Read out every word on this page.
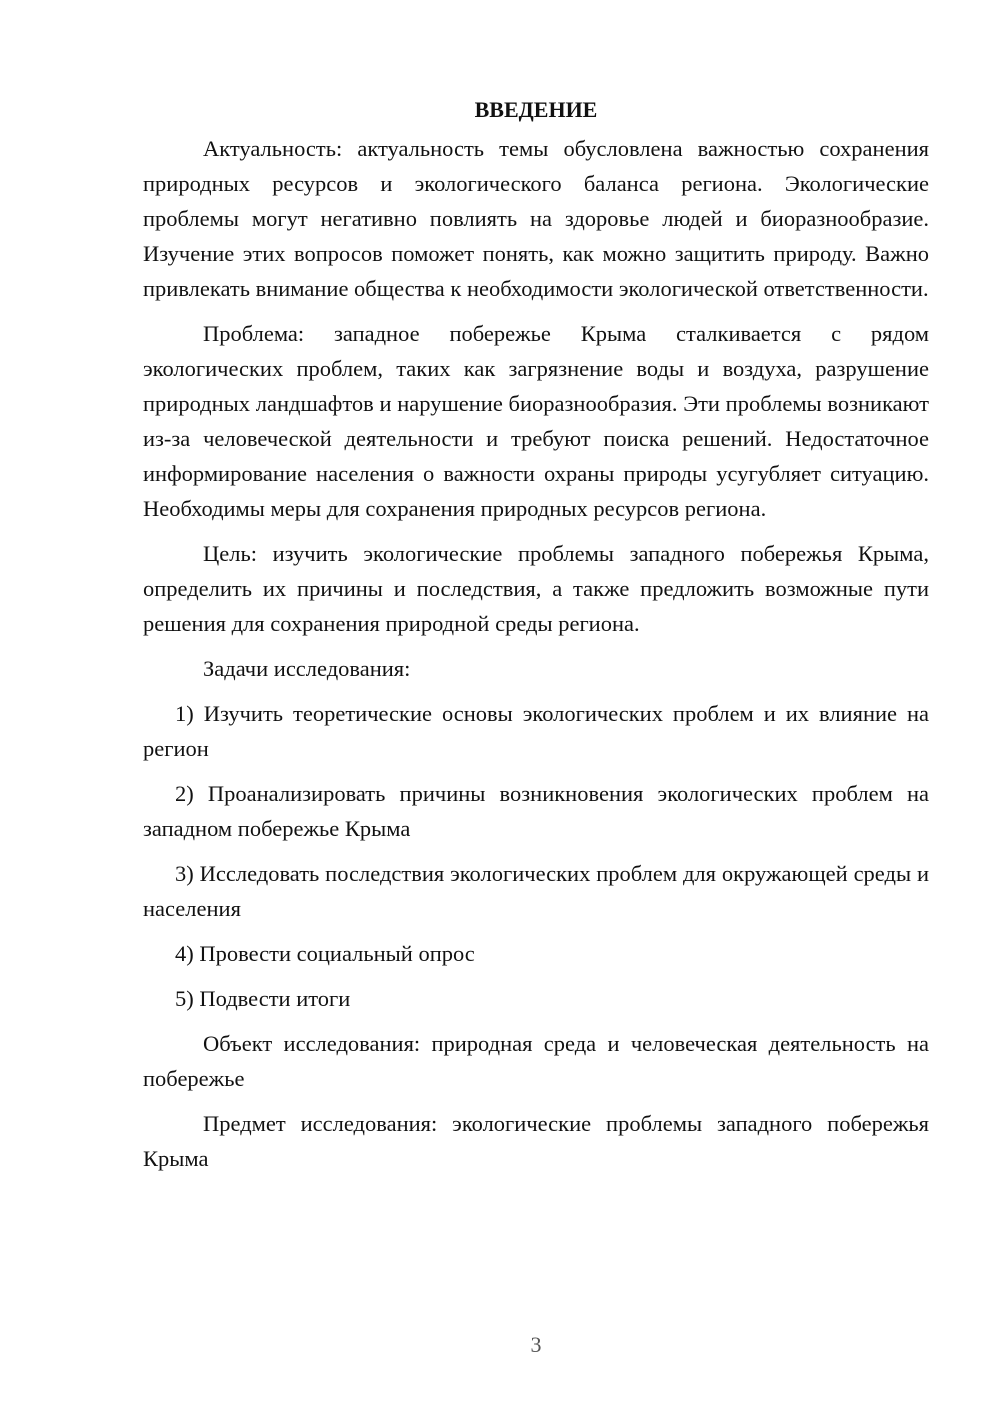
ВВЕДЕНИЕ

Актуальность: актуальность темы обусловлена важностью сохранения природных ресурсов и экологического баланса региона. Экологические проблемы могут негативно повлиять на здоровье людей и биоразнообразие. Изучение этих вопросов поможет понять, как можно защитить природу. Важно привлекать внимание общества к необходимости экологической ответственности.

Проблема: западное побережье Крыма сталкивается с рядом экологических проблем, таких как загрязнение воды и воздуха, разрушение природных ландшафтов и нарушение биоразнообразия. Эти проблемы возникают из-за человеческой деятельности и требуют поиска решений. Недостаточное информирование населения о важности охраны природы усугубляет ситуацию. Необходимы меры для сохранения природных ресурсов региона.

Цель: изучить экологические проблемы западного побережья Крыма, определить их причины и последствия, а также предложить возможные пути решения для сохранения природной среды региона.

Задачи исследования:

1) Изучить теоретические основы экологических проблем и их влияние на регион

2) Проанализировать причины возникновения экологических проблем на западном побережье Крыма

3) Исследовать последствия экологических проблем для окружающей среды и населения

4) Провести социальный опрос

5) Подвести итоги

Объект исследования: природная среда и человеческая деятельность на побережье

Предмет исследования: экологические проблемы западного побережья Крыма

3
